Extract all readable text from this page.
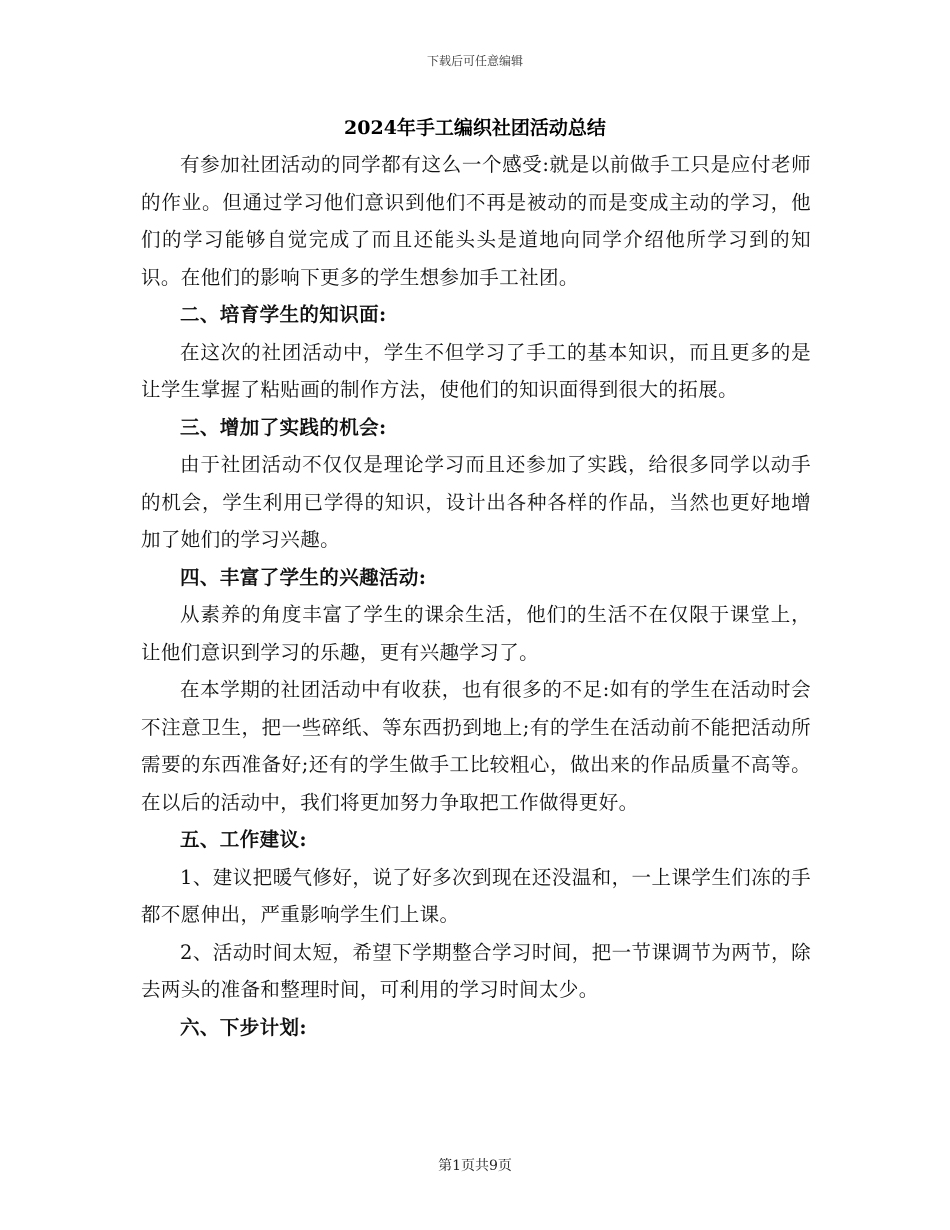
下载后可任意编辑
2024年手工编织社团活动总结

有参加社团活动的同学都有这么一个感受:就是以前做手工只是应付老师的作业。但通过学习他们意识到他们不再是被动的而是变成主动的学习，他们的学习能够自觉完成了而且还能头头是道地向同学介绍他所学习到的知识。在他们的影响下更多的学生想参加手工社团。

二、培育学生的知识面:

在这次的社团活动中，学生不但学习了手工的基本知识，而且更多的是让学生掌握了粘贴画的制作方法，使他们的知识面得到很大的拓展。

三、增加了实践的机会:

由于社团活动不仅仅是理论学习而且还参加了实践，给很多同学以动手的机会，学生利用已学得的知识，设计出各种各样的作品，当然也更好地增加了她们的学习兴趣。

四、丰富了学生的兴趣活动:

从素养的角度丰富了学生的课余生活，他们的生活不在仅限于课堂上，让他们意识到学习的乐趣，更有兴趣学习了。

在本学期的社团活动中有收获，也有很多的不足:如有的学生在活动时会不注意卫生，把一些碎纸、等东西扔到地上;有的学生在活动前不能把活动所需要的东西准备好;还有的学生做手工比较粗心，做出来的作品质量不高等。在以后的活动中，我们将更加努力争取把工作做得更好。

五、工作建议:

1、建议把暖气修好，说了好多次到现在还没温和，一上课学生们冻的手都不愿伸出，严重影响学生们上课。

2、活动时间太短，希望下学期整合学习时间，把一节课调节为两节，除去两头的准备和整理时间，可利用的学习时间太少。

六、下步计划:

第1页共9页
